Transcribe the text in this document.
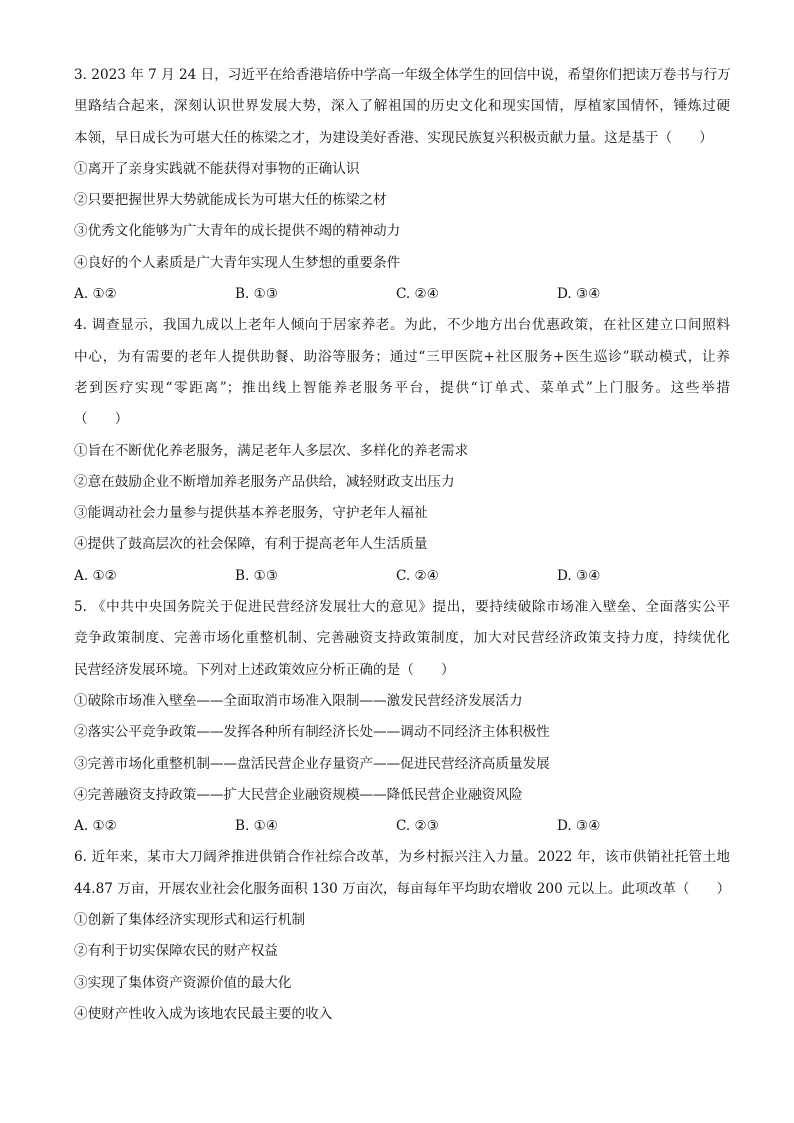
3. 2023 年 7 月 24 日，习近平在给香港培侨中学高一年级全体学生的回信中说，希望你们把读万卷书与行万
里路结合起来，深刻认识世界发展大势，深入了解祖国的历史文化和现实国情，厚植家国情怀，锤炼过硬
本领，早日成长为可堪大任的栋梁之才，为建设美好香港、实现民族复兴积极贡献力量。这是基于（　　）
①离开了亲身实践就不能获得对事物的正确认识
②只要把握世界大势就能成长为可堪大任的栋梁之材
③优秀文化能够为广大青年的成长提供不竭的精神动力
④良好的个人素质是广大青年实现人生梦想的重要条件
A. ①②	B. ①③	C. ②④	D. ③④
4. 调查显示，我国九成以上老年人倾向于居家养老。为此，不少地方出台优惠政策，在社区建立口间照料
中心，为有需要的老年人提供助餐、助浴等服务；通过“三甲医院+社区服务+医生巡诊”联动模式，让养
老到医疗实现“零距离”；推出线上智能养老服务平台，提供“订单式、菜单式”上门服务。这些举措
（　　）
①旨在不断优化养老服务，满足老年人多层次、多样化的养老需求
②意在鼓励企业不断增加养老服务产品供给，减轻财政支出压力
③能调动社会力量参与提供基本养老服务，守护老年人福祉
④提供了鼓高层次的社会保障，有利于提高老年人生活质量
A. ①②	B. ①③	C. ②④	D. ③④
5. 《中共中央国务院关于促进民营经济发展壮大的意见》提出，要持续破除市场准入壁垒、全面落实公平
竞争政策制度、完善市场化重整机制、完善融资支持政策制度，加大对民营经济政策支持力度，持续优化
民营经济发展环境。下列对上述政策效应分析正确的是（　　）
①破除市场准入壁垒——全面取消市场准入限制——激发民营经济发展活力
②落实公平竞争政策——发挥各种所有制经济长处——调动不同经济主体积极性
③完善市场化重整机制——盘活民营企业存量资产——促进民营经济高质量发展
④完善融资支持政策——扩大民营企业融资规模——降低民营企业融资风险
A. ①②	B. ①④	C. ②③	D. ③④
6. 近年来，某市大刀阔斧推进供销合作社综合改革，为乡村振兴注入力量。2022 年，该市供销社托管土地
44.87 万亩，开展农业社会化服务面积 130 万亩次，每亩每年平均助农增收 200 元以上。此项改革（　　）
①创新了集体经济实现形式和运行机制
②有利于切实保障农民的财产权益
③实现了集体资产资源价值的最大化
④使财产性收入成为该地农民最主要的收入
